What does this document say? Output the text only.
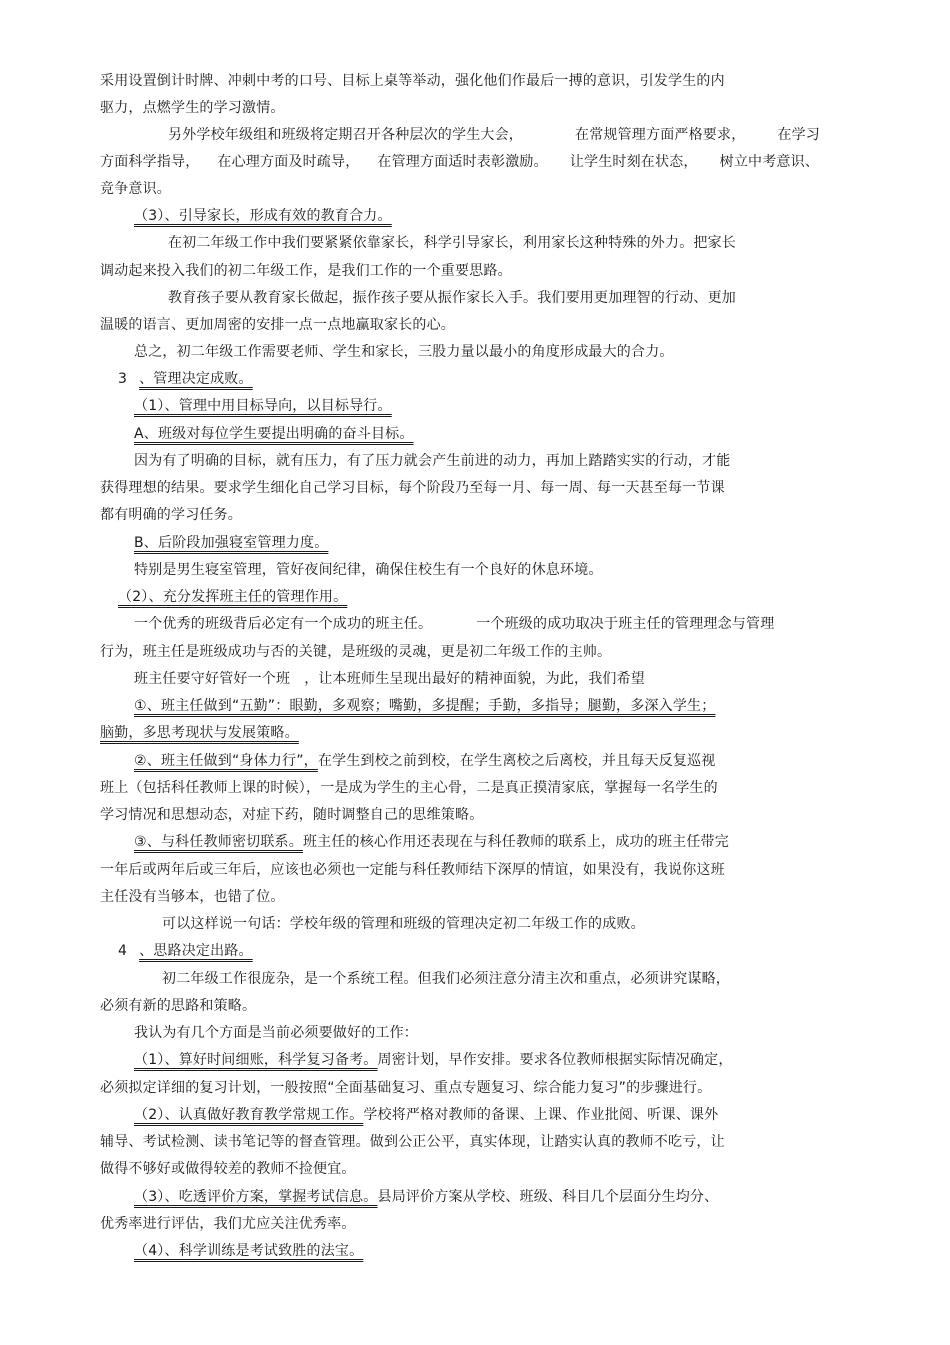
采用设置倒计时牌、冲刺中考的口号、目标上桌等举动，强化他们作最后一搏的意识，引发学生的内
驱力，点燃学生的学习激情。
另外学校年级组和班级将定期召开各种层次的学生大会，	在常规管理方面严格要求， 在学习
方面科学指导， 在心理方面及时疏导， 在管理方面适时表彰激励。 让学生时刻在状态， 树立中考意识、
竞争意识。
（3）、引导家长，形成有效的教育合力。
在初二年级工作中我们要紧紧依靠家长，科学引导家长，利用家长这种特殊的外力。把家长
调动起来投入我们的初二年级工作，是我们工作的一个重要思路。
教育孩子要从教育家长做起，振作孩子要从振作家长入手。我们要用更加理智的行动、更加
温暖的语言、更加周密的安排一点一点地赢取家长的心。
总之，初二年级工作需要老师、学生和家长，三股力量以最小的角度形成最大的合力。
3 、管理决定成败。
（1）、管理中用目标导向，以目标导行。
A、班级对每位学生要提出明确的奋斗目标。
因为有了明确的目标，就有压力，有了压力就会产生前进的动力，再加上踏踏实实的行动，才能
获得理想的结果。要求学生细化自己学习目标，每个阶段乃至每一月、每一周、每一天甚至每一节课
都有明确的学习任务。
B、后阶段加强寝室管理力度。
特别是男生寝室管理，管好夜间纪律，确保住校生有一个良好的休息环境。
（2）、充分发挥班主任的管理作用。
一个优秀的班级背后必定有一个成功的班主任。	一个班级的成功取决于班主任的管理理念与管理
行为，班主任是班级成功与否的关键，是班级的灵魂，更是初二年级工作的主帅。
班主任要守好管好一个班 ，让本班师生呈现出最好的精神面貌，为此，我们希望
①、班主任做到“五勤”：眼勤，多观察；嘴勤，多提醒；手勤，多指导；腿勤，多深入学生；
脑勤，多思考现状与发展策略。
②、班主任做到“身体力行”，在学生到校之前到校，在学生离校之后离校，并且每天反复巡视
班上（包括科任教师上课的时候），一是成为学生的主心骨，二是真正摸清家底，掌握每一名学生的
学习情况和思想动态，对症下药，随时调整自己的思维策略。
③、与科任教师密切联系。班主任的核心作用还表现在与科任教师的联系上，成功的班主任带完
一年后或两年后或三年后，应该也必须也一定能与科任教师结下深厚的情谊，如果没有，我说你这班
主任没有当够本，也错了位。
可以这样说一句话：学校年级的管理和班级的管理决定初二年级工作的成败。
4 、思路决定出路。
初二年级工作很庞杂，是一个系统工程。但我们必须注意分清主次和重点，必须讲究谋略，
必须有新的思路和策略。
我认为有几个方面是当前必须要做好的工作：
（1）、算好时间细账，科学复习备考。周密计划，早作安排。要求各位教师根据实际情况确定，
必须拟定详细的复习计划，一般按照“全面基础复习、重点专题复习、综合能力复习”的步骤进行。
（2）、认真做好教育教学常规工作。学校将严格对教师的备课、上课、作业批阅、听课、课外
辅导、考试检测、读书笔记等的督查管理。做到公正公平，真实体现，让踏实认真的教师不吃亏，让
做得不够好或做得较差的教师不捡便宜。
（3）、吃透评价方案，掌握考试信息。县局评价方案从学校、班级、科目几个层面分生均分、
优秀率进行评估，我们尤应关注优秀率。
（4）、科学训练是考试致胜的法宝。
